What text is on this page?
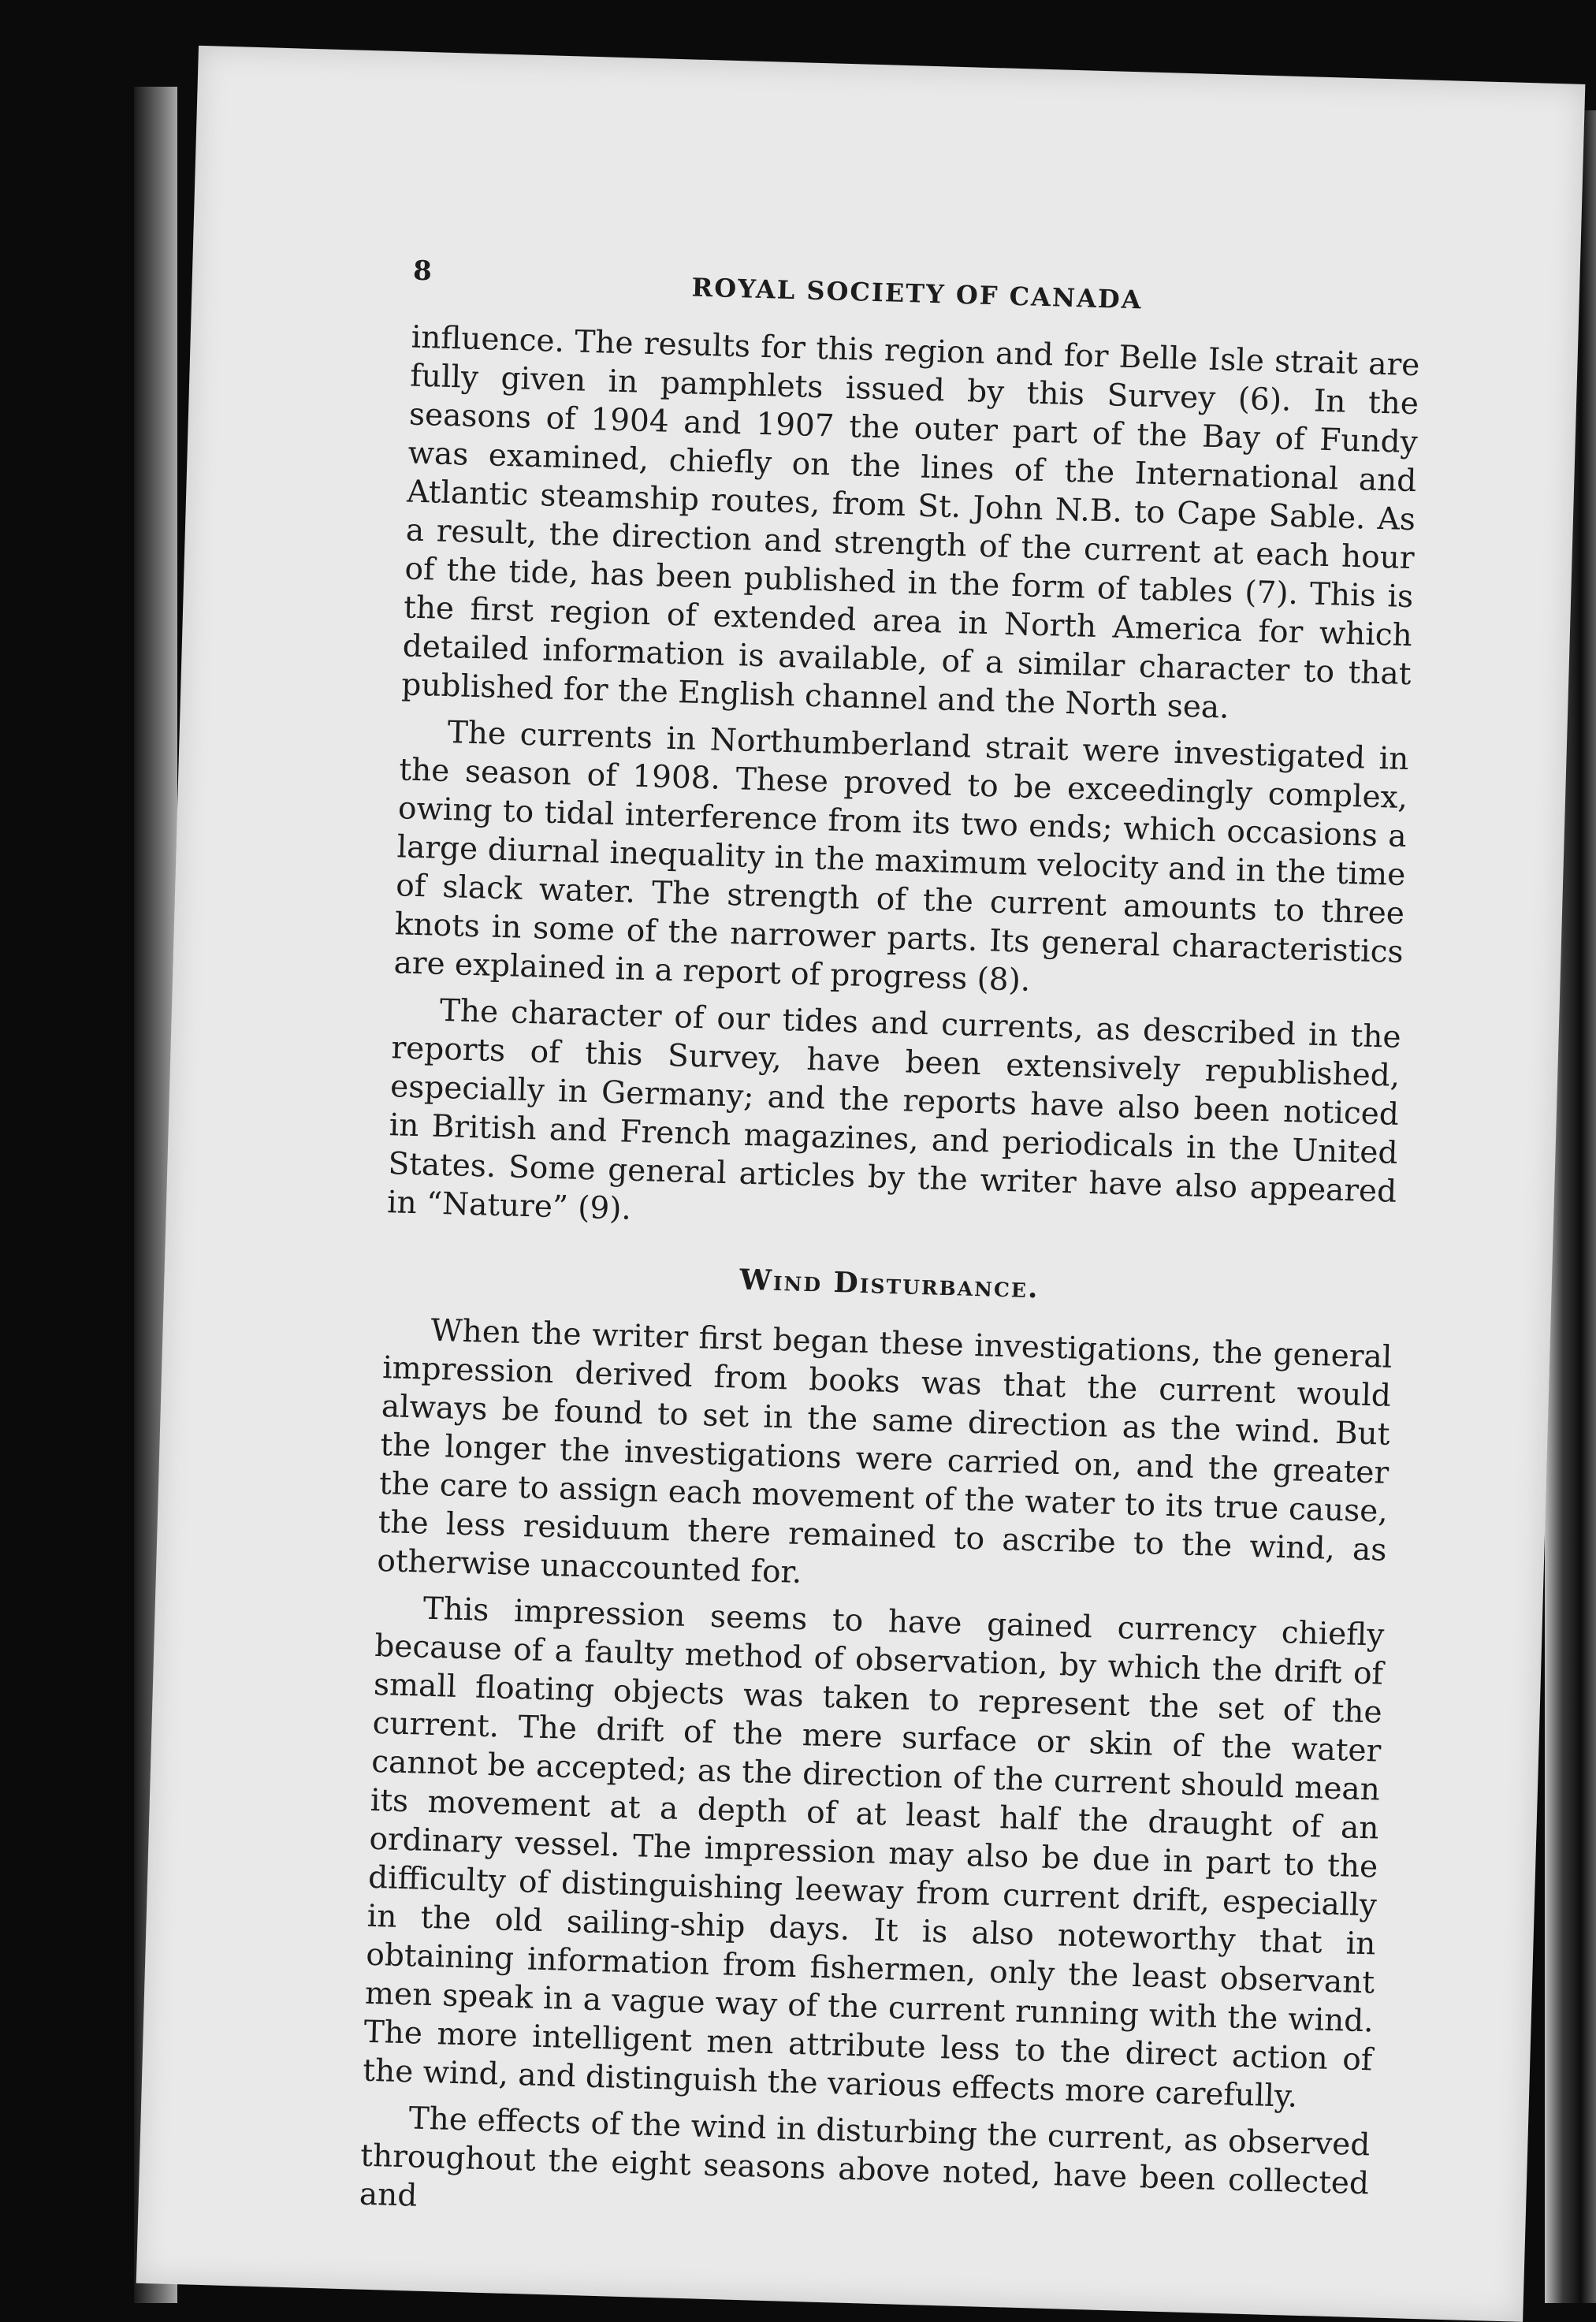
8
ROYAL SOCIETY OF CANADA

influence. The results for this region and for Belle Isle strait are fully given in pamphlets issued by this Survey (6). In the seasons of 1904 and 1907 the outer part of the Bay of Fundy was examined, chiefly on the lines of the International and Atlantic steamship routes, from St. John N.B. to Cape Sable. As a result, the direction and strength of the current at each hour of the tide, has been published in the form of tables (7). This is the first region of extended area in North America for which detailed information is available, of a similar character to that published for the English channel and the North sea.

The currents in Northumberland strait were investigated in the season of 1908. These proved to be exceedingly complex, owing to tidal interference from its two ends; which occasions a large diurnal inequality in the maximum velocity and in the time of slack water. The strength of the current amounts to three knots in some of the narrower parts. Its general characteristics are explained in a report of progress (8).

The character of our tides and currents, as described in the reports of this Survey, have been extensively republished, especially in Germany; and the reports have also been noticed in British and French magazines, and periodicals in the United States. Some general articles by the writer have also appeared in “Nature” (9).

Wind Disturbance.

When the writer first began these investigations, the general impression derived from books was that the current would always be found to set in the same direction as the wind. But the longer the investigations were carried on, and the greater the care to assign each movement of the water to its true cause, the less residuum there remained to ascribe to the wind, as otherwise unaccounted for.

This impression seems to have gained currency chiefly because of a faulty method of observation, by which the drift of small floating objects was taken to represent the set of the current. The drift of the mere surface or skin of the water cannot be accepted; as the direction of the current should mean its movement at a depth of at least half the draught of an ordinary vessel. The impression may also be due in part to the difficulty of distinguishing leeway from current drift, especially in the old sailing-ship days. It is also noteworthy that in obtaining information from fishermen, only the least observant men speak in a vague way of the current running with the wind. The more intelligent men attribute less to the direct action of the wind, and distinguish the various effects more carefully.

The effects of the wind in disturbing the current, as observed throughout the eight seasons above noted, have been collected and
